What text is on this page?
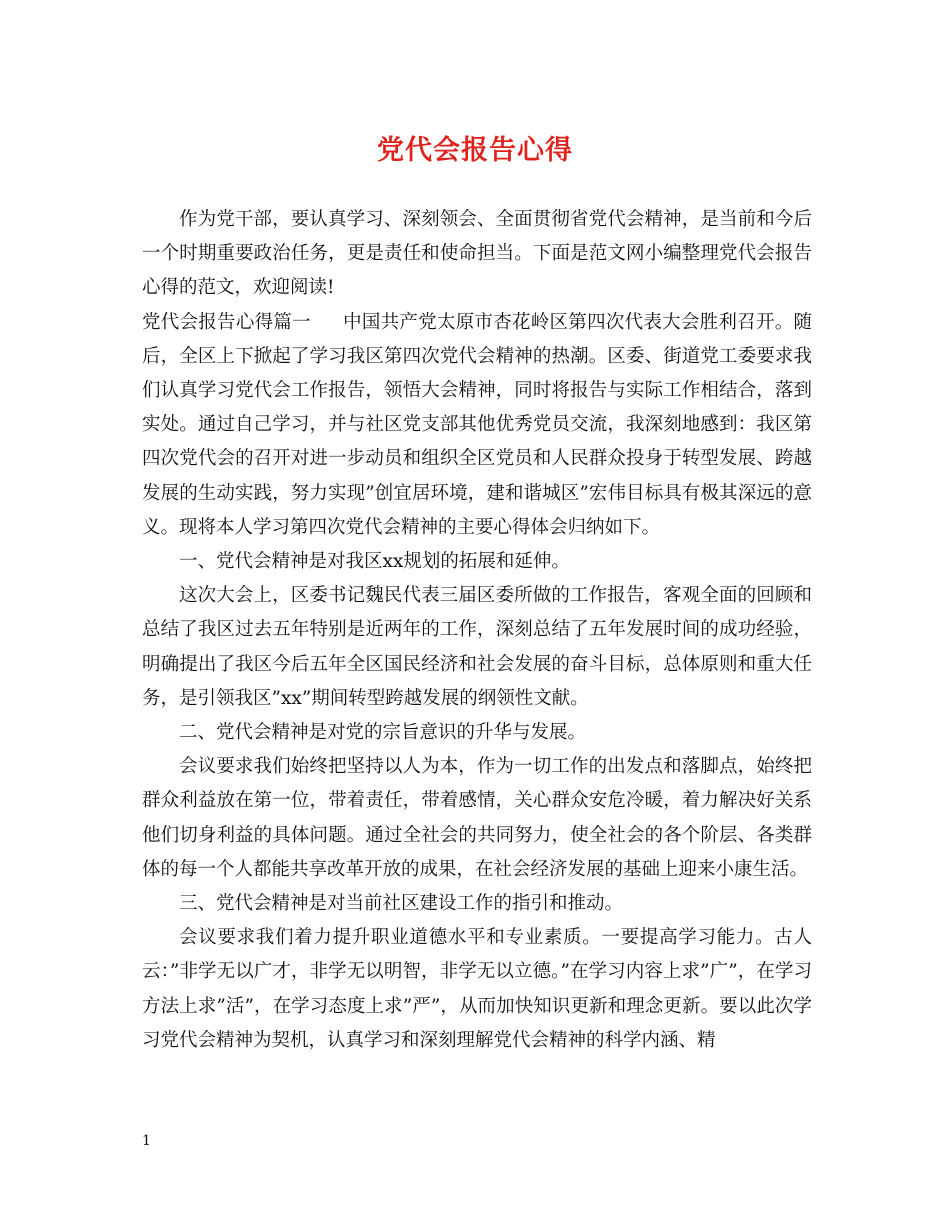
党代会报告心得

作为党干部，要认真学习、深刻领会、全面贯彻省党代会精神，是当前和今后一个时期重要政治任务，更是责任和使命担当。下面是范文网小编整理党代会报告心得的范文，欢迎阅读!

党代会报告心得篇一 中国共产党太原市杏花岭区第四次代表大会胜利召开。随后，全区上下掀起了学习我区第四次党代会精神的热潮。区委、街道党工委要求我们认真学习党代会工作报告，领悟大会精神，同时将报告与实际工作相结合，落到实处。通过自己学习，并与社区党支部其他优秀党员交流，我深刻地感到：我区第四次党代会的召开对进一步动员和组织全区党员和人民群众投身于转型发展、跨越发展的生动实践，努力实现”创宜居环境，建和谐城区”宏伟目标具有极其深远的意义。现将本人学习第四次党代会精神的主要心得体会归纳如下。

一、党代会精神是对我区xx规划的拓展和延伸。

这次大会上，区委书记魏民代表三届区委所做的工作报告，客观全面的回顾和总结了我区过去五年特别是近两年的工作，深刻总结了五年发展时间的成功经验，明确提出了我区今后五年全区国民经济和社会发展的奋斗目标，总体原则和重大任务，是引领我区”xx”期间转型跨越发展的纲领性文献。

二、党代会精神是对党的宗旨意识的升华与发展。

会议要求我们始终把坚持以人为本，作为一切工作的出发点和落脚点，始终把群众利益放在第一位，带着责任，带着感情，关心群众安危冷暖，着力解决好关系他们切身利益的具体问题。通过全社会的共同努力，使全社会的各个阶层、各类群体的每一个人都能共享改革开放的成果，在社会经济发展的基础上迎来小康生活。

三、党代会精神是对当前社区建设工作的指引和推动。

会议要求我们着力提升职业道德水平和专业素质。一要提高学习能力。古人云：”非学无以广才，非学无以明智，非学无以立德。”在学习内容上求”广”，在学习方法上求”活”，在学习态度上求”严”，从而加快知识更新和理念更新。要以此次学习党代会精神为契机，认真学习和深刻理解党代会精神的科学内涵、精

1
